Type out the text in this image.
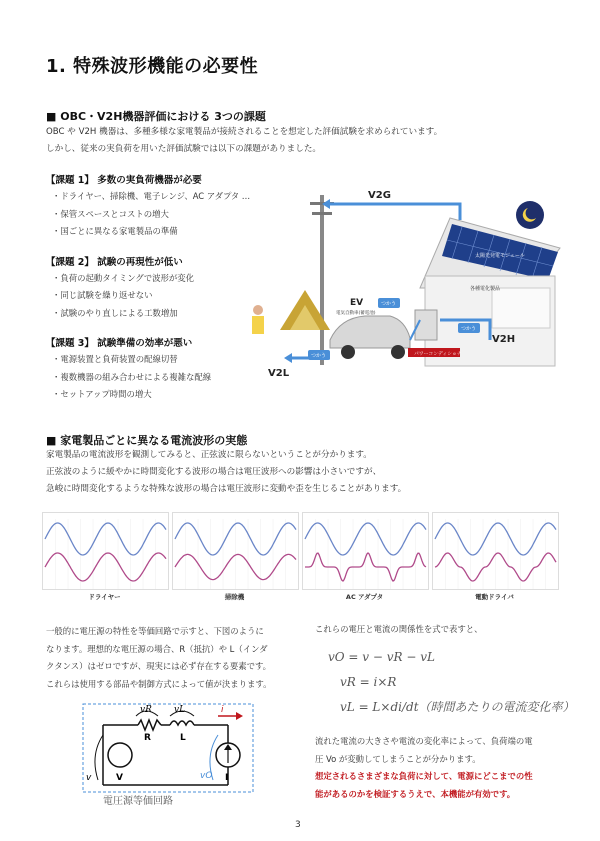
1. 特殊波形機能の必要性
■ OBC・V2H機器評価における 3つの課題
OBC や V2H 機器は、多種多様な家電製品が接続されることを想定した評価試験を求められています。
しかし、従来の実負荷を用いた評価試験では以下の課題がありました。
【課題 1】 多数の実負荷機器が必要
・ドライヤー、掃除機、電子レンジ、AC アダプタ …
・保管スペースとコストの増大
・国ごとに異なる家電製品の準備
【課題 2】 試験の再現性が低い
・負荷の起動タイミングで波形が変化
・同じ試験を繰り返せない
・試験のやり直しによる工数増加
【課題 3】 試験準備の効率が悪い
・電源装置と負荷装置の配線切替
・複数機器の組み合わせによる複雑な配線
・セットアップ時間の増大
V2G
V2H
V2L
EV
電気自動車(蓄電池)
太陽光発電モジュール
各種電化製品
パワーコンディショナ
つかう
つかう
つかう
■ 家電製品ごとに異なる電流波形の実態
家電製品の電流波形を観測してみると、正弦波に限らないということが分かります。
正弦波のように緩やかに時間変化する波形の場合は電圧波形への影響は小さいですが、
急峻に時間変化するような特殊な波形の場合は電圧波形に変動や歪を生じることがあります。
ドライヤー	掃除機	AC アダプタ	電動ドライバ
一般的に電圧源の特性を等価回路で示すと、下図のように
なります。理想的な電圧源の場合、R（抵抗）や L（インダ
クタンス）はゼロですが、現実には必ず存在する要素です。
これらは使用する部品や制御方式によって値が決まります。
vR vL
R	L
i
v	V	I
vO
電圧源等価回路
これらの電圧と電流の関係性を式で表すと、
vO = v − vR − vL
vR = i×R
vL = L×di/dt（時間あたりの電流変化率）
流れた電流の大きさや電流の変化率によって、負荷端の電
圧 Vo が変動してしまうことが分かります。
想定されるさまざまな負荷に対して、電源にどこまでの性
能があるのかを検証するうえで、本機能が有効です。
3
